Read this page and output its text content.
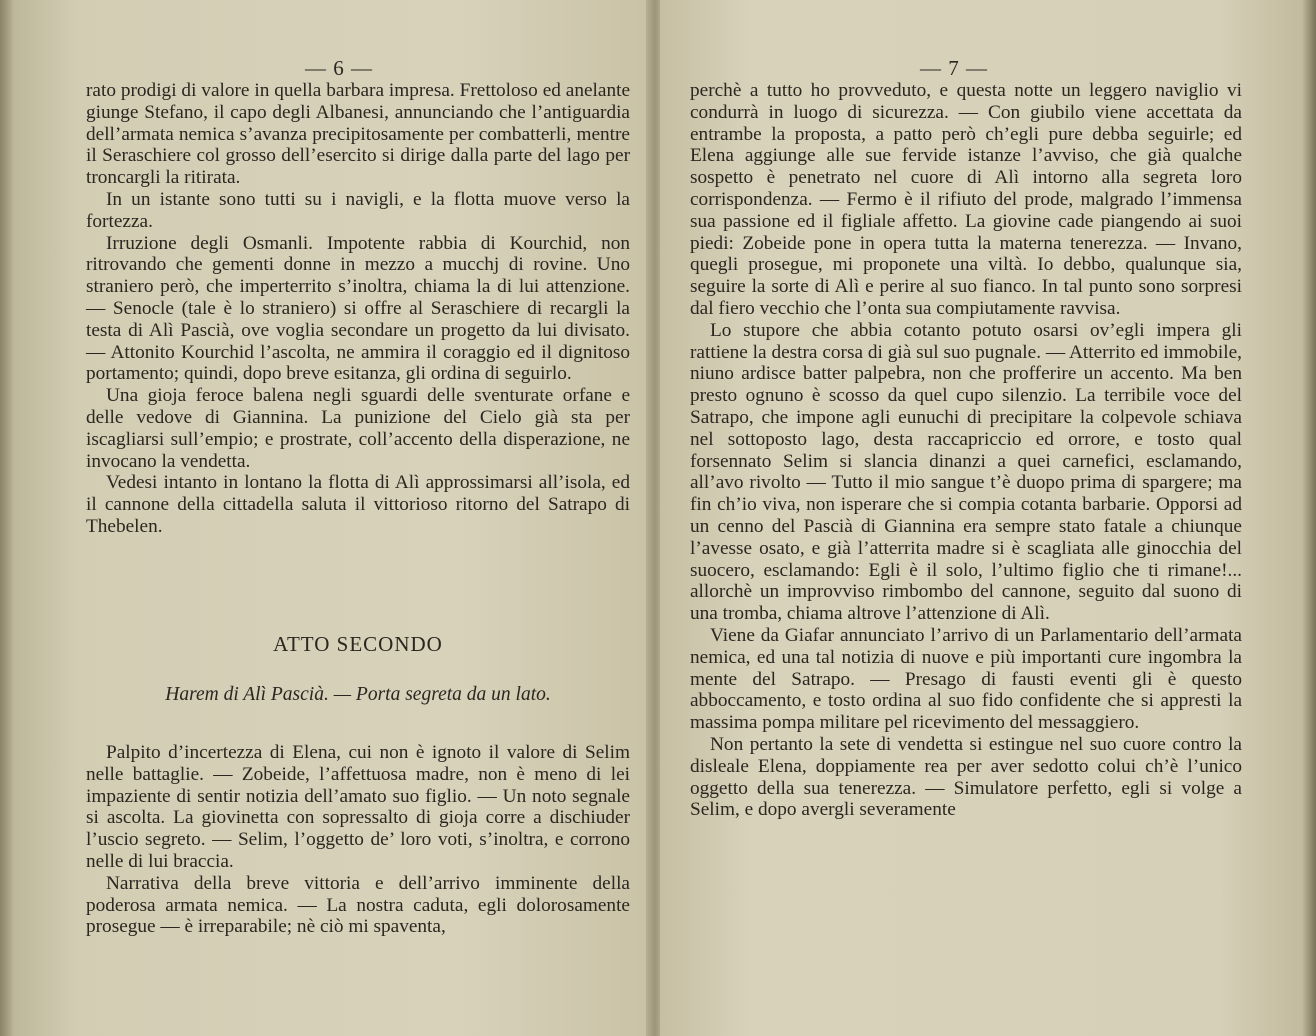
— 6 —

rato prodigi di valore in quella barbara impresa. Frettoloso ed anelante giunge Stefano, il capo degli Albanesi, annunciando che l’antiguardia dell’armata nemica s’avanza precipitosamente per combatterli, mentre il Seraschiere col grosso dell’esercito si dirige dalla parte del lago per troncargli la ritirata.

In un istante sono tutti su i navigli, e la flotta muove verso la fortezza.

Irruzione degli Osmanli. Impotente rabbia di Kourchid, non ritrovando che gementi donne in mezzo a mucchj di rovine. Uno straniero però, che imperterrito s’inoltra, chiama la di lui attenzione. — Senocle (tale è lo straniero) si offre al Seraschiere di recargli la testa di Alì Pascià, ove voglia secondare un progetto da lui divisato. — Attonito Kourchid l’ascolta, ne ammira il coraggio ed il dignitoso portamento; quindi, dopo breve esitanza, gli ordina di seguirlo.

Una gioja feroce balena negli sguardi delle sventurate orfane e delle vedove di Giannina. La punizione del Cielo già sta per iscagliarsi sull’empio; e prostrate, coll’accento della disperazione, ne invocano la vendetta.

Vedesi intanto in lontano la flotta di Alì approssimarsi all’isola, ed il cannone della cittadella saluta il vittorioso ritorno del Satrapo di Thebelen.

ATTO SECONDO
Harem di Alì Pascià. — Porta segreta da un lato.

Palpito d’incertezza di Elena, cui non è ignoto il valore di Selim nelle battaglie. — Zobeide, l’affettuosa madre, non è meno di lei impaziente di sentir notizia dell’amato suo figlio. — Un noto segnale si ascolta. La giovinetta con sopressalto di gioja corre a dischiuder l’uscio segreto. — Selim, l’oggetto de’ loro voti, s’inoltra, e corrono nelle di lui braccia.

Narrativa della breve vittoria e dell’arrivo imminente della poderosa armata nemica. — La nostra caduta, egli dolorosamente prosegue — è irreparabile; nè ciò mi spaventa,

— 7 —

perchè a tutto ho provveduto, e questa notte un leggero naviglio vi condurrà in luogo di sicurezza. — Con giubilo viene accettata da entrambe la proposta, a patto però ch’egli pure debba seguirle; ed Elena aggiunge alle sue fervide istanze l’avviso, che già qualche sospetto è penetrato nel cuore di Alì intorno alla segreta loro corrispondenza. — Fermo è il rifiuto del prode, malgrado l’immensa sua passione ed il figliale affetto. La giovine cade piangendo ai suoi piedi: Zobeide pone in opera tutta la materna tenerezza. — Invano, quegli prosegue, mi proponete una viltà. Io debbo, qualunque sia, seguire la sorte di Alì e perire al suo fianco. In tal punto sono sorpresi dal fiero vecchio che l’onta sua compiutamente ravvisa.

Lo stupore che abbia cotanto potuto osarsi ov’egli impera gli rattiene la destra corsa di già sul suo pugnale. — Atterrito ed immobile, niuno ardisce batter palpebra, non che profferire un accento. Ma ben presto ognuno è scosso da quel cupo silenzio. La terribile voce del Satrapo, che impone agli eunuchi di precipitare la colpevole schiava nel sottoposto lago, desta raccapriccio ed orrore, e tosto qual forsennato Selim si slancia dinanzi a quei carnefici, esclamando, all’avo rivolto — Tutto il mio sangue t’è duopo prima di spargere; ma fin ch’io viva, non isperare che si compia cotanta barbarie. Opporsi ad un cenno del Pascià di Giannina era sempre stato fatale a chiunque l’avesse osato, e già l’atterrita madre si è scagliata alle ginocchia del suocero, esclamando: Egli è il solo, l’ultimo figlio che ti rimane!... allorchè un improvviso rimbombo del cannone, seguito dal suono di una tromba, chiama altrove l’attenzione di Alì.

Viene da Giafar annunciato l’arrivo di un Parlamentario dell’armata nemica, ed una tal notizia di nuove e più importanti cure ingombra la mente del Satrapo. — Presago di fausti eventi gli è questo abboccamento, e tosto ordina al suo fido confidente che si appresti la massima pompa militare pel ricevimento del messaggiero.

Non pertanto la sete di vendetta si estingue nel suo cuore contro la disleale Elena, doppiamente rea per aver sedotto colui ch’è l’unico oggetto della sua tenerezza. — Simulatore perfetto, egli si volge a Selim, e dopo avergli severamente
